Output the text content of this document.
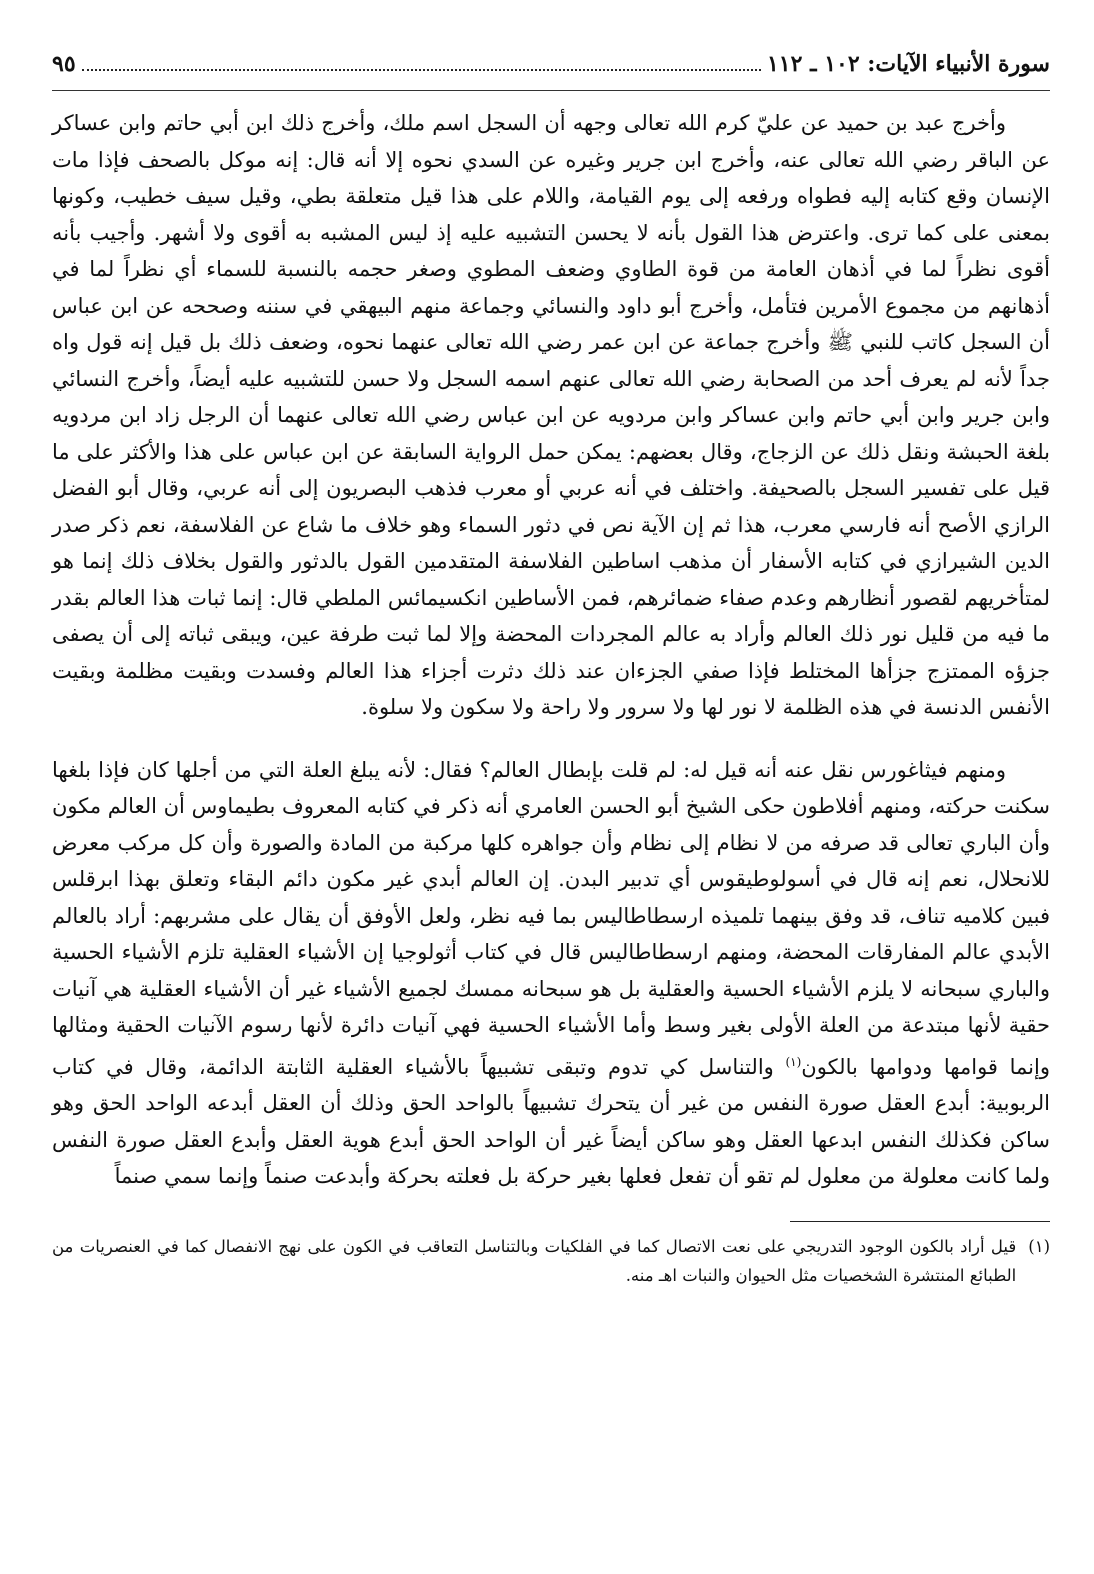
سورة الأنبياء الآيات: ١٠٢ ـ ١١٢
٩٥

وأخرج عبد بن حميد عن عليّ كرم الله تعالى وجهه أن السجل اسم ملك، وأخرج ذلك ابن أبي حاتم وابن عساكر عن الباقر رضي الله تعالى عنه، وأخرج ابن جرير وغيره عن السدي نحوه إلا أنه قال: إنه موكل بالصحف فإذا مات الإنسان وقع كتابه إليه فطواه ورفعه إلى يوم القيامة، واللام على هذا قيل متعلقة بطي، وقيل سيف خطيب، وكونها بمعنى على كما ترى. واعترض هذا القول بأنه لا يحسن التشبيه عليه إذ ليس المشبه به أقوى ولا أشهر. وأجيب بأنه أقوى نظراً لما في أذهان العامة من قوة الطاوي وضعف المطوي وصغر حجمه بالنسبة للسماء أي نظراً لما في أذهانهم من مجموع الأمرين فتأمل، وأخرج أبو داود والنسائي وجماعة منهم البيهقي في سننه وصححه عن ابن عباس أن السجل كاتب للنبي ﷺ وأخرج جماعة عن ابن عمر رضي الله تعالى عنهما نحوه، وضعف ذلك بل قيل إنه قول واه جداً لأنه لم يعرف أحد من الصحابة رضي الله تعالى عنهم اسمه السجل ولا حسن للتشبيه عليه أيضاً، وأخرج النسائي وابن جرير وابن أبي حاتم وابن عساكر وابن مردويه عن ابن عباس رضي الله تعالى عنهما أن الرجل زاد ابن مردويه بلغة الحبشة ونقل ذلك عن الزجاج، وقال بعضهم: يمكن حمل الرواية السابقة عن ابن عباس على هذا والأكثر على ما قيل على تفسير السجل بالصحيفة. واختلف في أنه عربي أو معرب فذهب البصريون إلى أنه عربي، وقال أبو الفضل الرازي الأصح أنه فارسي معرب، هذا ثم إن الآية نص في دثور السماء وهو خلاف ما شاع عن الفلاسفة، نعم ذكر صدر الدين الشيرازي في كتابه الأسفار أن مذهب اساطين الفلاسفة المتقدمين القول بالدثور والقول بخلاف ذلك إنما هو لمتأخريهم لقصور أنظارهم وعدم صفاء ضمائرهم، فمن الأساطين انكسيمائس الملطي قال: إنما ثبات هذا العالم بقدر ما فيه من قليل نور ذلك العالم وأراد به عالم المجردات المحضة وإلا لما ثبت طرفة عين، ويبقى ثباته إلى أن يصفى جزؤه الممتزج جزأها المختلط فإذا صفي الجزءان عند ذلك دثرت أجزاء هذا العالم وفسدت وبقيت مظلمة وبقيت الأنفس الدنسة في هذه الظلمة لا نور لها ولا سرور ولا راحة ولا سكون ولا سلوة.

ومنهم فيثاغورس نقل عنه أنه قيل له: لم قلت بإبطال العالم؟ فقال: لأنه يبلغ العلة التي من أجلها كان فإذا بلغها سكنت حركته، ومنهم أفلاطون حكى الشيخ أبو الحسن العامري أنه ذكر في كتابه المعروف بطيماوس أن العالم مكون وأن الباري تعالى قد صرفه من لا نظام إلى نظام وأن جواهره كلها مركبة من المادة والصورة وأن كل مركب معرض للانحلال، نعم إنه قال في أسولوطيقوس أي تدبير البدن. إن العالم أبدي غير مكون دائم البقاء وتعلق بهذا ابرقلس فبين كلاميه تناف، قد وفق بينهما تلميذه ارسطاطاليس بما فيه نظر، ولعل الأوفق أن يقال على مشربهم: أراد بالعالم الأبدي عالم المفارقات المحضة، ومنهم ارسطاطاليس قال في كتاب أثولوجيا إن الأشياء العقلية تلزم الأشياء الحسية والباري سبحانه لا يلزم الأشياء الحسية والعقلية بل هو سبحانه ممسك لجميع الأشياء غير أن الأشياء العقلية هي آنيات حقية لأنها مبتدعة من العلة الأولى بغير وسط وأما الأشياء الحسية فهي آنيات دائرة لأنها رسوم الآنيات الحقية ومثالها وإنما قوامها ودوامها بالكون$^{(١)}$ والتناسل كي تدوم وتبقى تشبيهاً بالأشياء العقلية الثابتة الدائمة، وقال في كتاب الربوبية: أبدع العقل صورة النفس من غير أن يتحرك تشبيهاً بالواحد الحق وذلك أن العقل أبدعه الواحد الحق وهو ساكن فكذلك النفس ابدعها العقل وهو ساكن أيضاً غير أن الواحد الحق أبدع هوية العقل وأبدع العقل صورة النفس ولما كانت معلولة من معلول لم تقو أن تفعل فعلها بغير حركة بل فعلته بحركة وأبدعت صنماً وإنما سمي صنماً

(١)
قيل أراد بالكون الوجود التدريجي على نعت الاتصال كما في الفلكيات وبالتناسل التعاقب في الكون على نهج الانفصال كما في العنصريات من الطبائع المنتشرة الشخصيات مثل الحيوان والنبات اهـ منه.
